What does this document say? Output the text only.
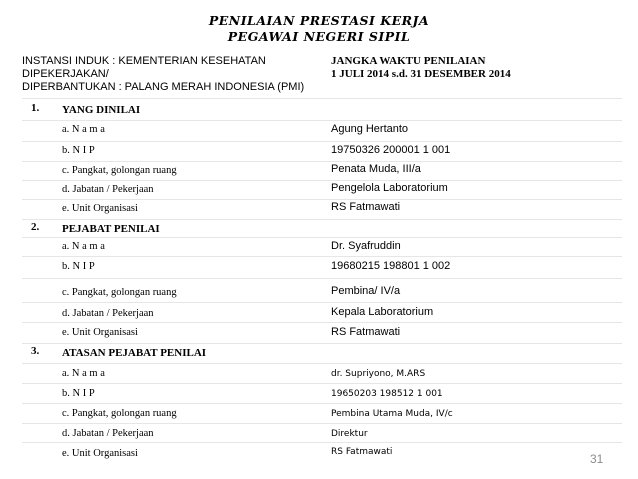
PENILAIAN PRESTASI KERJA
PEGAWAI NEGERI SIPIL
INSTANSI INDUK : KEMENTERIAN KESEHATAN
DIPEKERJAKAN/
DIPERBANTUKAN : PALANG MERAH INDONESIA (PMI)
JANGKA WAKTU PENILAIAN
1 JULI 2014 s.d. 31 DESEMBER 2014
1. YANG DINILAI
a. N a m a	Agung Hertanto
b. N I P	19750326 200001 1 001
c. Pangkat, golongan ruang	Penata Muda, III/a
d. Jabatan / Pekerjaan	Pengelola Laboratorium
e. Unit Organisasi	RS Fatmawati
2. PEJABAT PENILAI
a. N a m a	Dr. Syafruddin
b. N I P	19680215 198801 1 002
c. Pangkat, golongan ruang	Pembina/ IV/a
d. Jabatan / Pekerjaan	Kepala Laboratorium
e. Unit Organisasi	RS Fatmawati
3. ATASAN PEJABAT PENILAI
a. N a m a	dr. Supriyono, M.ARS
b. N I P	19650203 198512 1 001
c. Pangkat, golongan ruang	Pembina Utama Muda, IV/c
d. Jabatan / Pekerjaan	Direktur
e. Unit Organisasi	RS Fatmawati	31
